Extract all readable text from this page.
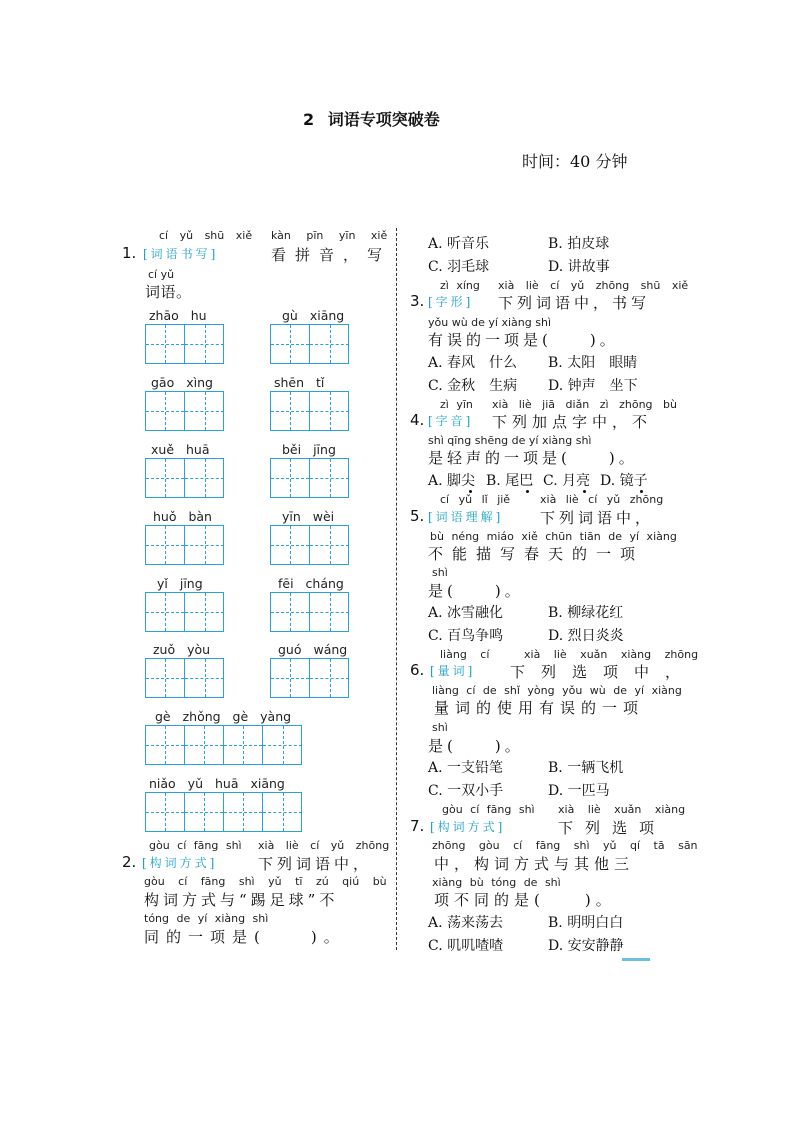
2 词语专项突破卷
时间：40 分钟
cí yǔ shū xiě kàn pīn yīn xiě
1. [词语书写]	看拼音，写
cí yǔ
词语。
zhāo hu	gù xiāng
gāo xìng	shēn tǐ
xuě huā	běi jīng
huǒ bàn	yīn wèi
yǐ jīng	fēi cháng
zuǒ yòu	guó wáng
gè zhǒng gè yàng
niǎo yǔ huā xiāng
gòu cí fāng shì xià liè cí yǔ zhōng
2. [构词方式]	下列词语中，
gòu cí fāng shì yǔ tī zú qiú bù
构词方式与“踢足球”不
tóng de yí xiàng shì
同的一项是(　　)。
A. 听音乐	B. 拍皮球
C. 羽毛球	D. 讲故事
zì xíng xià liè cí yǔ zhōng shū xiě
3. [字形] 下列词语中，书写
yǒu wù de yí xiàng shì
有误的一项是(　　)。
A. 春风　什么 B. 太阳　眼睛
C. 金秋　生病 D. 钟声　坐下
zì yīn xià liè jiā diǎn zì zhōng bù
4. [字音] 下列加点字中，不
shì qīng shēng de yí xiàng shì
是轻声的一项是(　　)。
A. 脚尖 B. 尾巴 C. 月亮 D. 镜子
cí yǔ lǐ jiě	xià liè cí yǔ zhōng
5. [词语理解] 下列词语中，
bù néng miáo xiě chūn tiān de yí xiàng
不能描写春天的一项
shì
是(　　)。
A. 冰雪融化	B. 柳绿花红
C. 百鸟争鸣	D. 烈日炎炎
liàng cí	xià liè xuǎn xiàng zhōng
6. [量词] 下列选项中，
liàng cí de shǐ yòng yǒu wù de yí xiàng
量词的使用有误的一项
shì
是(　　)。
A. 一支铅笔	B. 一辆飞机
C. 一双小手	D. 一匹马
gòu cí fāng shì xià liè xuǎn xiàng
7. [构词方式]	下列选项
zhōng gòu cí fāng shì yǔ qí tā sān
中，构词方式与其他三
xiàng bù tóng de shì
项不同的是(　　)。
A. 荡来荡去	B. 明明白白
C. 叽叽喳喳	D. 安安静静
